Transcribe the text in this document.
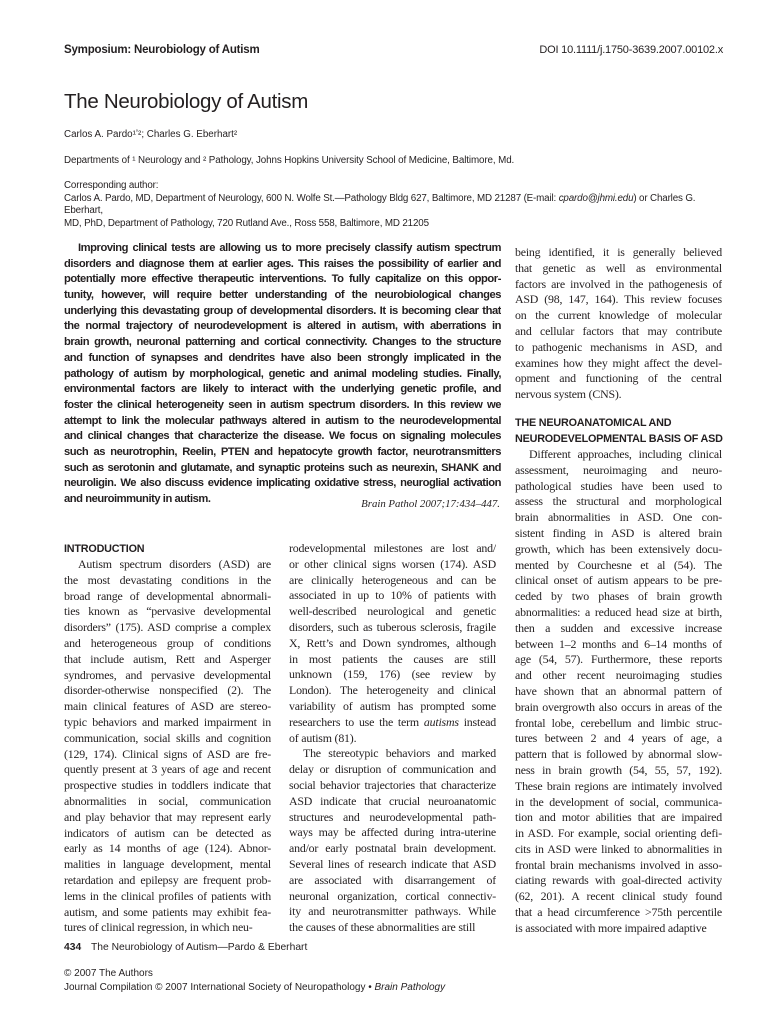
Symposium: Neurobiology of Autism	DOI 10.1111/j.1750-3639.2007.00102.x
The Neurobiology of Autism
Carlos A. Pardo¹ʼ²; Charles G. Eberhart²
Departments of ¹ Neurology and ² Pathology, Johns Hopkins University School of Medicine, Baltimore, Md.
Corresponding author:
Carlos A. Pardo, MD, Department of Neurology, 600 N. Wolfe St.—Pathology Bldg 627, Baltimore, MD 21287 (E-mail: cpardo@jhmi.edu) or Charles G. Eberhart,
MD, PhD, Department of Pathology, 720 Rutland Ave., Ross 558, Baltimore, MD 21205
Improving clinical tests are allowing us to more precisely classify autism spectrum
disorders and diagnose them at earlier ages. This raises the possibility of earlier and
potentially more effective therapeutic interventions. To fully capitalize on this oppor-
tunity, however, will require better understanding of the neurobiological changes
underlying this devastating group of developmental disorders. It is becoming clear that
the normal trajectory of neurodevelopment is altered in autism, with aberrations in
brain growth, neuronal patterning and cortical connectivity. Changes to the structure
and function of synapses and dendrites have also been strongly implicated in the
pathology of autism by morphological, genetic and animal modeling studies. Finally,
environmental factors are likely to interact with the underlying genetic profile, and
foster the clinical heterogeneity seen in autism spectrum disorders. In this review we
attempt to link the molecular pathways altered in autism to the neurodevelopmental
and clinical changes that characterize the disease. We focus on signaling molecules
such as neurotrophin, Reelin, PTEN and hepatocyte growth factor, neurotransmitters
such as serotonin and glutamate, and synaptic proteins such as neurexin, SHANK and
neuroligin. We also discuss evidence implicating oxidative stress, neuroglial activation
and neuroimmunity in autism.	Brain Pathol 2007;17:434–447.
INTRODUCTION
Autism spectrum disorders (ASD) are
the most devastating conditions in the
broad range of developmental abnormali-
ties known as “pervasive developmental
disorders” (175). ASD comprise a complex
and heterogeneous group of conditions
that include autism, Rett and Asperger
syndromes, and pervasive developmental
disorder-otherwise nonspecified (2). The
main clinical features of ASD are stereo-
typic behaviors and marked impairment in
communication, social skills and cognition
(129, 174). Clinical signs of ASD are fre-
quently present at 3 years of age and recent
prospective studies in toddlers indicate that
abnormalities in social, communication
and play behavior that may represent early
indicators of autism can be detected as
early as 14 months of age (124). Abnor-
malities in language development, mental
retardation and epilepsy are frequent prob-
lems in the clinical profiles of patients with
autism, and some patients may exhibit fea-
tures of clinical regression, in which neu-
rodevelopmental milestones are lost and/
or other clinical signs worsen (174). ASD
are clinically heterogeneous and can be
associated in up to 10% of patients with
well-described neurological and genetic
disorders, such as tuberous sclerosis, fragile
X, Rett’s and Down syndromes, although
in most patients the causes are still
unknown (159, 176) (see review by
London). The heterogeneity and clinical
variability of autism has prompted some
researchers to use the term autisms instead
of autism (81).
The stereotypic behaviors and marked
delay or disruption of communication and
social behavior trajectories that characterize
ASD indicate that crucial neuroanatomic
structures and neurodevelopmental path-
ways may be affected during intra-uterine
and/or early postnatal brain development.
Several lines of research indicate that ASD
are associated with disarrangement of
neuronal organization, cortical connectiv-
ity and neurotransmitter pathways. While
the causes of these abnormalities are still
being identified, it is generally believed
that genetic as well as environmental
factors are involved in the pathogenesis of
ASD (98, 147, 164). This review focuses
on the current knowledge of molecular
and cellular factors that may contribute
to pathogenic mechanisms in ASD, and
examines how they might affect the devel-
opment and functioning of the central
nervous system (CNS).
THE NEUROANATOMICAL AND
NEURODEVELOPMENTAL BASIS OF ASD
Different approaches, including clinical
assessment, neuroimaging and neuro-
pathological studies have been used to
assess the structural and morphological
brain abnormalities in ASD. One con-
sistent finding in ASD is altered brain
growth, which has been extensively docu-
mented by Courchesne et al (54). The
clinical onset of autism appears to be pre-
ceded by two phases of brain growth
abnormalities: a reduced head size at birth,
then a sudden and excessive increase
between 1–2 months and 6–14 months of
age (54, 57). Furthermore, these reports
and other recent neuroimaging studies
have shown that an abnormal pattern of
brain overgrowth also occurs in areas of the
frontal lobe, cerebellum and limbic struc-
tures between 2 and 4 years of age, a
pattern that is followed by abnormal slow-
ness in brain growth (54, 55, 57, 192).
These brain regions are intimately involved
in the development of social, communica-
tion and motor abilities that are impaired
in ASD. For example, social orienting defi-
cits in ASD were linked to abnormalities in
frontal brain mechanisms involved in asso-
ciating rewards with goal-directed activity
(62, 201). A recent clinical study found
that a head circumference >75th percentile
is associated with more impaired adaptive
434 The Neurobiology of Autism—Pardo & Eberhart
© 2007 The Authors
Journal Compilation © 2007 International Society of Neuropathology • Brain Pathology
